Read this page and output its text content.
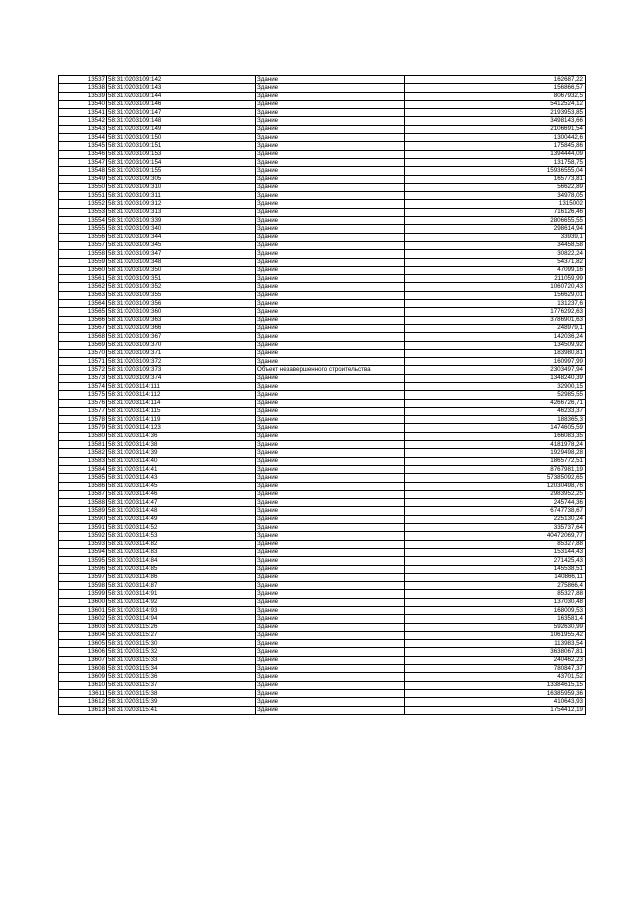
13537	58:31:0203109:142	Здание	162687,22
13538	58:31:0203109:143	Здание	156866,57
13539	58:31:0203109:144	Здание	8067932,5
13540	58:31:0203109:146	Здание	5412524,12
13541	58:31:0203109:147	Здание	2193953,85
13542	58:31:0203109:148	Здание	3498143,66
13543	58:31:0203109:149	Здание	2106691,54
13544	58:31:0203109:150	Здание	1300442,6
13545	58:31:0203109:151	Здание	175845,86
13546	58:31:0203109:153	Здание	1394444,09
13547	58:31:0203109:154	Здание	131758,75
13548	58:31:0203109:155	Здание	15936555,04
13549	58:31:0203109:305	Здание	165773,81
13550	58:31:0203109:310	Здание	56622,89
13551	58:31:0203109:311	Здание	34978,05
13552	58:31:0203109:312	Здание	1315002
13553	58:31:0203109:313	Здание	716126,46
13554	58:31:0203109:339	Здание	2806655,55
13555	58:31:0203109:340	Здание	298614,94
13556	58:31:0203109:344	Здание	33939,1
13557	58:31:0203109:345	Здание	34458,58
13558	58:31:0203109:347	Здание	30822,24
13559	58:31:0203109:348	Здание	54371,82
13560	58:31:0203109:350	Здание	47099,16
13561	58:31:0203109:351	Здание	211059,99
13562	58:31:0203109:352	Здание	1060720,43
13563	58:31:0203109:355	Здание	156629,01
13564	58:31:0203109:356	Здание	131237,6
13565	58:31:0203109:360	Здание	1776292,63
13566	58:31:0203109:363	Здание	3786901,63
13567	58:31:0203109:366	Здание	248979,1
13568	58:31:0203109:367	Здание	142036,24
13569	58:31:0203109:370	Здание	134509,92
13570	58:31:0203109:371	Здание	183980,81
13571	58:31:0203109:372	Здание	160997,99
13572	58:31:0203109:373	Объект незавершенного строительства	2303497,94
13573	58:31:0203109:374	Здание	1348240,39
13574	58:31:0203114:111	Здание	32900,15
13575	58:31:0203114:112	Здание	52985,55
13576	58:31:0203114:114	Здание	4266726,71
13577	58:31:0203114:115	Здание	46233,37
13578	58:31:0203114:119	Здание	188365,3
13579	58:31:0203114:123	Здание	1474605,59
13580	58:31:0203114:36	Здание	166083,35
13581	58:31:0203114:38	Здание	4181978,24
13582	58:31:0203114:39	Здание	1929498,28
13583	58:31:0203114:40	Здание	1865772,51
13584	58:31:0203114:41	Здание	8767981,19
13585	58:31:0203114:43	Здание	57385092,65
13586	58:31:0203114:45	Здание	12030498,76
13587	58:31:0203114:46	Здание	2983952,25
13588	58:31:0203114:47	Здание	245744,36
13589	58:31:0203114:48	Здание	6747738,67
13590	58:31:0203114:49	Здание	225130,24
13591	58:31:0203114:52	Здание	335737,64
13592	58:31:0203114:53	Здание	40472069,77
13593	58:31:0203114:82	Здание	85327,88
13594	58:31:0203114:83	Здание	153144,43
13595	58:31:0203114:84	Здание	271425,43
13596	58:31:0203114:85	Здание	145538,51
13597	58:31:0203114:86	Здание	140866,11
13598	58:31:0203114:87	Здание	275866,4
13599	58:31:0203114:91	Здание	85327,88
13600	58:31:0203114:92	Здание	137030,48
13601	58:31:0203114:93	Здание	168009,53
13602	58:31:0203114:94	Здание	163581,4
13603	58:31:0203115:26	Здание	592630,99
13604	58:31:0203115:27	Здание	1061955,42
13605	58:31:0203115:30	Здание	113983,54
13606	58:31:0203115:32	Здание	3638067,81
13607	58:31:0203115:33	Здание	240462,23
13608	58:31:0203115:34	Здание	780847,37
13609	58:31:0203115:36	Здание	43701,52
13610	58:31:0203115:37	Здание	13384615,15
13611	58:31:0203115:38	Здание	16385959,36
13612	58:31:0203115:39	Здание	410643,93
13613	58:31:0203115:41	Здание	1754412,19
